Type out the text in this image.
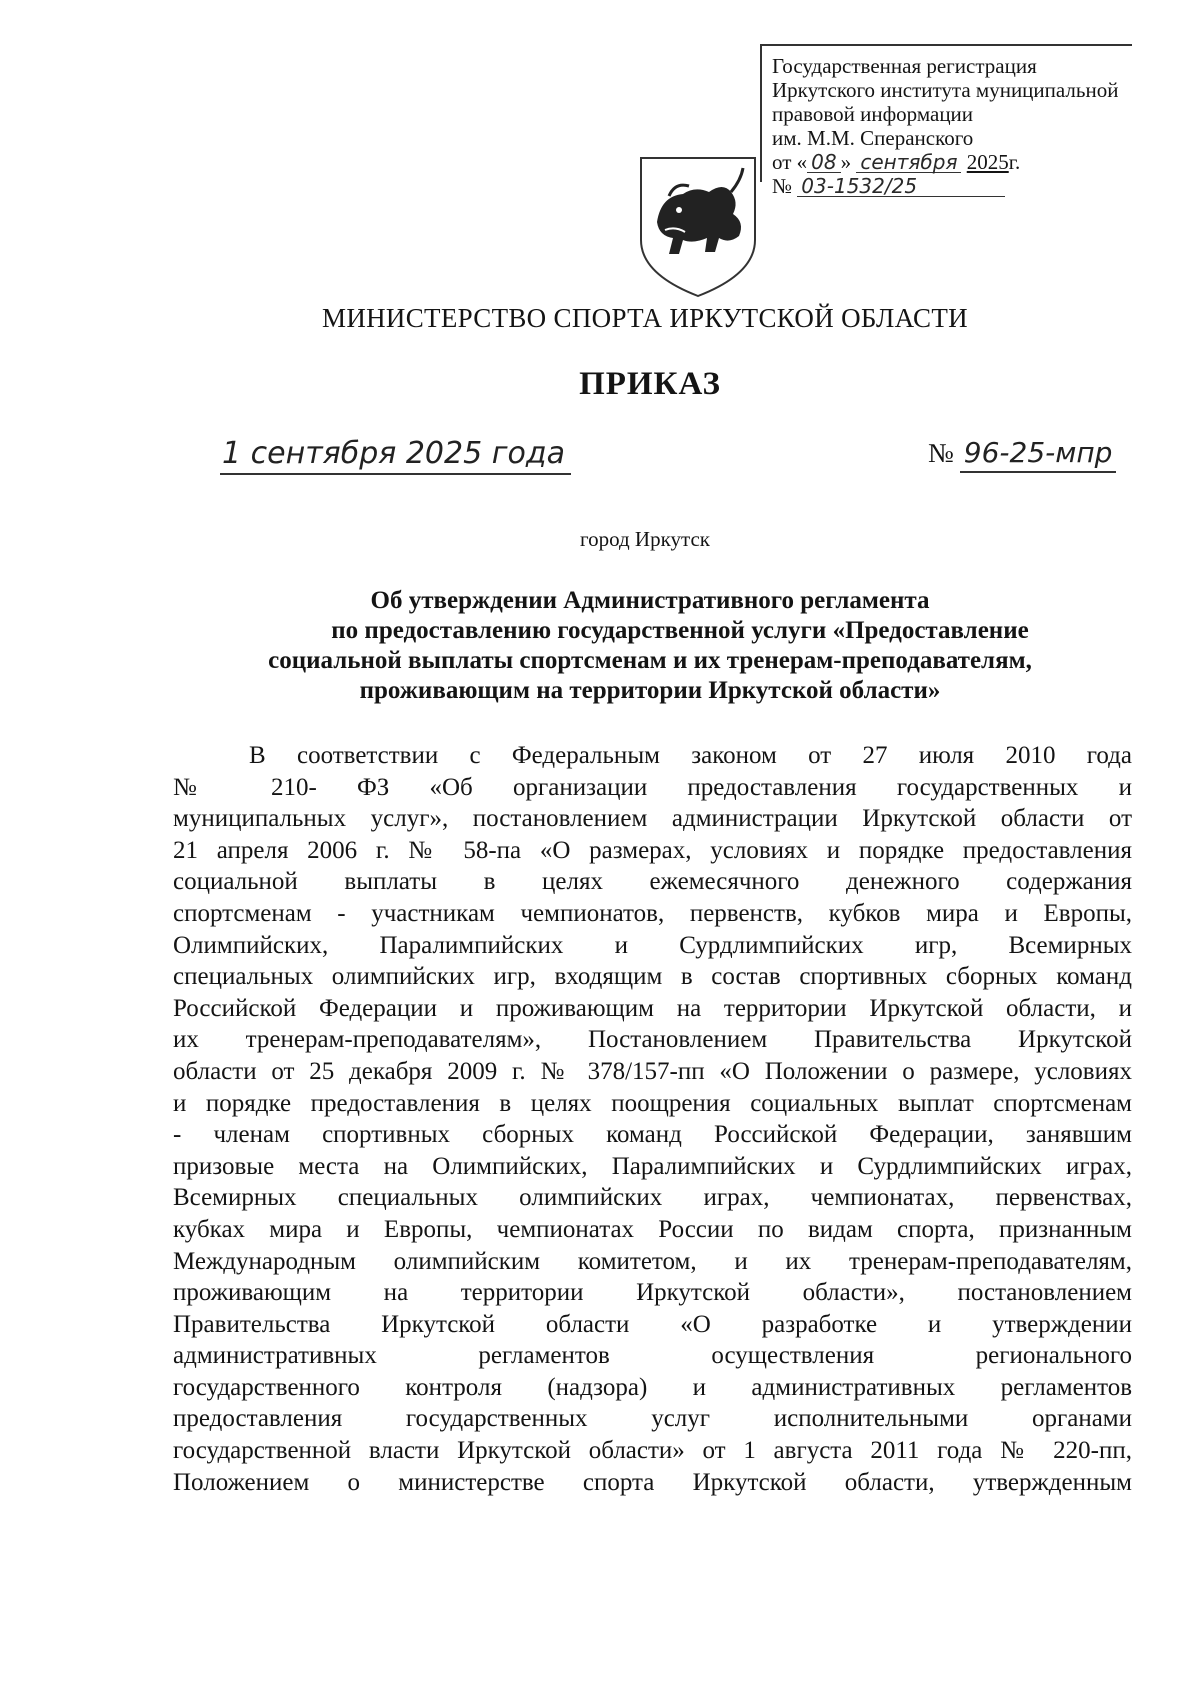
Государственная регистрация
Иркутского института муниципальной
правовой информации
им. М.М. Сперанского
от « 08 » сентября 2025г.
№ 03-1532/25
МИНИСТЕРСТВО СПОРТА ИРКУТСКОЙ ОБЛАСТИ
ПРИКАЗ
1 сентября 2025 года	№ 96-25-мпр
город Иркутск
Об утверждении Административного регламента
по предоставлению государственной услуги «Предоставление
социальной выплаты спортсменам и их тренерам-преподавателям,
проживающим на территории Иркутской области»
В соответствии с Федеральным законом от 27 июля 2010 года
№ 210- ФЗ «Об организации предоставления государственных и
муниципальных услуг», постановлением администрации Иркутской области от
21 апреля 2006 г. № 58-па «О размерах, условиях и порядке предоставления
социальной выплаты в целях ежемесячного денежного содержания
спортсменам - участникам чемпионатов, первенств, кубков мира и Европы,
Олимпийских, Паралимпийских и Сурдлимпийских игр, Всемирных
специальных олимпийских игр, входящим в состав спортивных сборных команд
Российской Федерации и проживающим на территории Иркутской области, и
их тренерам-преподавателям», Постановлением Правительства Иркутской
области от 25 декабря 2009 г. № 378/157-пп «О Положении о размере, условиях
и порядке предоставления в целях поощрения социальных выплат спортсменам
- членам спортивных сборных команд Российской Федерации, занявшим
призовые места на Олимпийских, Паралимпийских и Сурдлимпийских играх,
Всемирных специальных олимпийских играх, чемпионатах, первенствах,
кубках мира и Европы, чемпионатах России по видам спорта, признанным
Международным олимпийским комитетом, и их тренерам-преподавателям,
проживающим на территории Иркутской области», постановлением
Правительства Иркутской области «О разработке и утверждении
административных регламентов осуществления регионального
государственного контроля (надзора) и административных регламентов
предоставления государственных услуг исполнительными органами
государственной власти Иркутской области» от 1 августа 2011 года № 220-пп,
Положением о министерстве спорта Иркутской области, утвержденным
